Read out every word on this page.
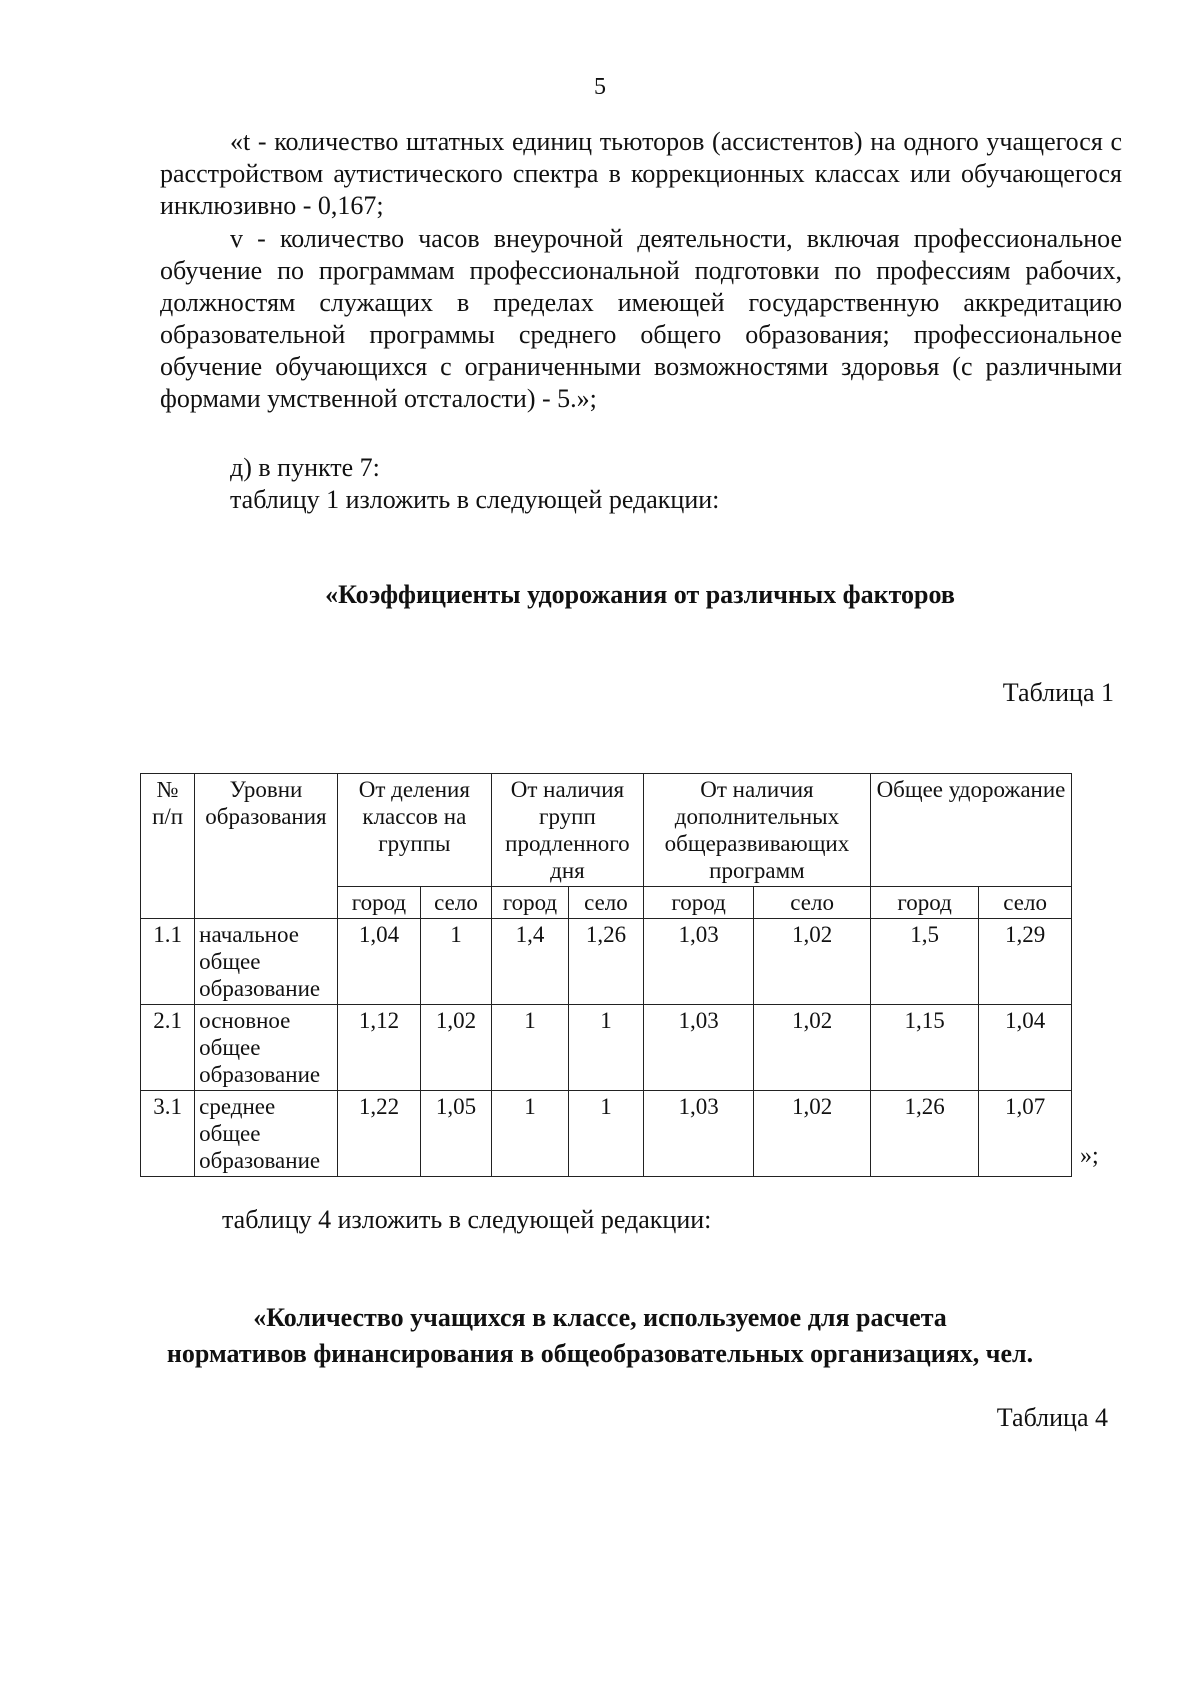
5

«t - количество штатных единиц тьюторов (ассистентов) на одного учащегося с расстройством аутистического спектра в коррекционных классах или обучающегося инклюзивно - 0,167;

v - количество часов внеурочной деятельности, включая профессиональное обучение по программам профессиональной подготовки по профессиям рабочих, должностям служащих в пределах имеющей государственную аккредитацию образовательной программы среднего общего образования; профессиональное обучение обучающихся с ограниченными возможностями здоровья (с различными формами умственной отсталости) - 5.»;

д) в пункте 7:

таблицу 1 изложить в следующей редакции:

«Коэффициенты удорожания от различных факторов
Таблица 1
№ п/п	Уровни образования	От деления классов на группы		От наличия групп продленного дня		От наличия дополнительных общеразвивающих программ		Общее удорожание	
		город	село	город	село	город	село	город	село
1.1	начальное общее образование	1,04	1	1,4	1,26	1,03	1,02	1,5	1,29
2.1	основное общее образование	1,12	1,02	1	1	1,03	1,02	1,15	1,04
3.1	среднее общее образование	1,22	1,05	1	1	1,03	1,02	1,26	1,07
»;
таблицу 4 изложить в следующей редакции:
«Количество учащихся в классе, используемое для расчета
нормативов финансирования в общеобразовательных организациях, чел.
Таблица 4
